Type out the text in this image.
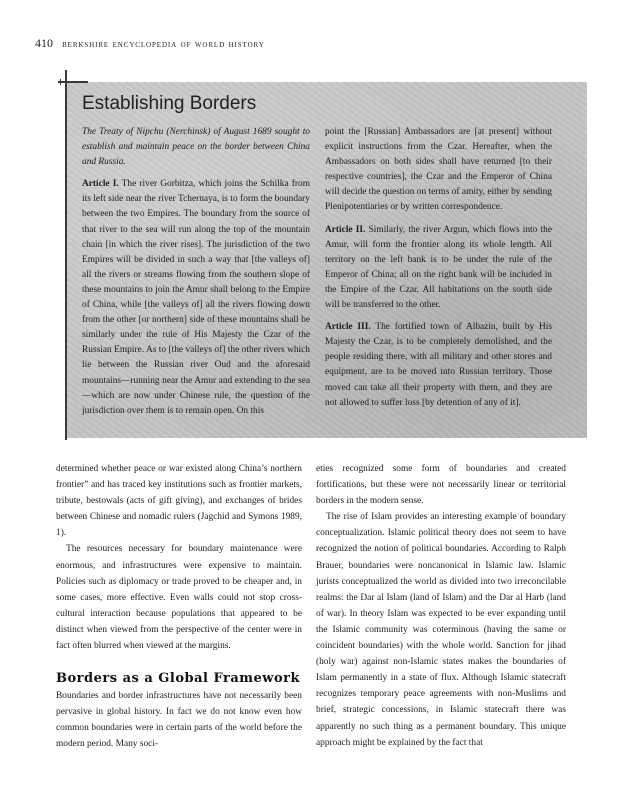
410 berkshire encyclopedia of world history
Establishing Borders

The Treaty of Nipchu (Nerchinsk) of August 1689 sought to establish and maintain peace on the border between China and Russia.

Article I. The river Gorbitza, which joins the Schilka from its left side near the river Tchernaya, is to form the boundary between the two Empires. The boundary from the source of that river to the sea will run along the top of the mountain chain [in which the river rises]. The jurisdiction of the two Empires will be divided in such a way that [the valleys of] all the rivers or streams flowing from the southern slope of these mountains to join the Amur shall belong to the Empire of China, while [the valleys of] all the rivers flowing down from the other [or northern] side of these mountains shall be similarly under the rule of His Majesty the Czar of the Russian Empire. As to [the valleys of] the other rivers which lie between the Russian river Oud and the aforesaid mountains—running near the Amur and extending to the sea—which are now under Chinese rule, the question of the jurisdiction over them is to remain open. On this

point the [Russian] Ambassadors are [at present] without explicit instructions from the Czar. Hereafter, when the Ambassadors on both sides shall have returned [to their respective countries], the Czar and the Emperor of China will decide the question on terms of amity, either by sending Plenipotentiaries or by written correspondence.

Article II. Similarly, the river Argun, which flows into the Amur, will form the frontier along its whole length. All territory on the left bank is to be under the rule of the Emperor of China; all on the right bank will be included in the Empire of the Czar. All habitations on the south side will be transferred to the other.

Article III. The fortified town of Albazin, built by His Majesty the Czar, is to be completely demolished, and the people residing there, with all military and other stores and equipment, are to be moved into Russian territory. Those moved can take all their property with them, and they are not allowed to suffer loss [by detention of any of it].

determined whether peace or war existed along China’s northern frontier” and has traced key institutions such as frontier markets, tribute, bestowals (acts of gift giving), and exchanges of brides between Chinese and nomadic rulers (Jagchid and Symons 1989, 1).

The resources necessary for boundary maintenance were enormous, and infrastructures were expensive to maintain. Policies such as diplomacy or trade proved to be cheaper and, in some cases, more effective. Even walls could not stop cross-cultural interaction because populations that appeared to be distinct when viewed from the perspective of the center were in fact often blurred when viewed at the margins.

Borders as a Global Framework

Boundaries and border infrastructures have not necessarily been pervasive in global history. In fact we do not know even how common boundaries were in certain parts of the world before the modern period. Many soci-

eties recognized some form of boundaries and created fortifications, but these were not necessarily linear or territorial borders in the modern sense.

The rise of Islam provides an interesting example of boundary conceptualization. Islamic political theory does not seem to have recognized the notion of political boundaries. According to Ralph Brauer, boundaries were noncanonical in Islamic law. Islamic jurists conceptualized the world as divided into two irreconcilable realms: the Dar al Islam (land of Islam) and the Dar al Harb (land of war). In theory Islam was expected to be ever expanding until the Islamic community was coterminous (having the same or coincident boundaries) with the whole world. Sanction for jihad (holy war) against non-Islamic states makes the boundaries of Islam permanently in a state of flux. Although Islamic statecraft recognizes temporary peace agreements with non-Muslims and brief, strategic concessions, in Islamic statecraft there was apparently no such thing as a permanent boundary. This unique approach might be explained by the fact that
